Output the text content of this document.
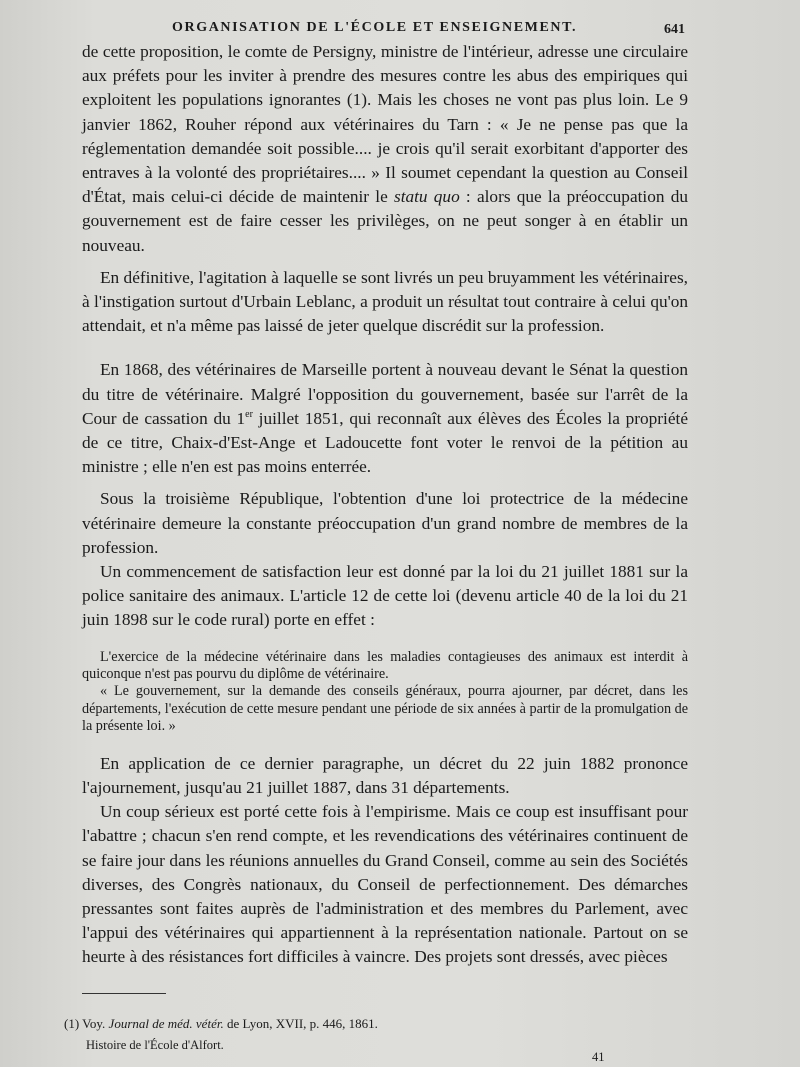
ORGANISATION DE L'ÉCOLE ET ENSEIGNEMENT.	641

de cette proposition, le comte de Persigny, ministre de l'intérieur, adresse une circulaire aux préfets pour les inviter à prendre des mesures contre les abus des empiriques qui exploitent les populations ignorantes (1). Mais les choses ne vont pas plus loin. Le 9 janvier 1862, Rouher répond aux vétérinaires du Tarn : « Je ne pense pas que la réglementation demandée soit possible.... je crois qu'il serait exorbitant d'apporter des entraves à la volonté des propriétaires.... » Il soumet cependant la question au Conseil d'État, mais celui-ci décide de maintenir le statu quo : alors que la préoccupation du gouvernement est de faire cesser les privilèges, on ne peut songer à en établir un nouveau.

En définitive, l'agitation à laquelle se sont livrés un peu bruyamment les vétérinaires, à l'instigation surtout d'Urbain Leblanc, a produit un résultat tout contraire à celui qu'on attendait, et n'a même pas laissé de jeter quelque discrédit sur la profession.

En 1868, des vétérinaires de Marseille portent à nouveau devant le Sénat la question du titre de vétérinaire. Malgré l'opposition du gouvernement, basée sur l'arrêt de la Cour de cassation du 1er juillet 1851, qui reconnaît aux élèves des Écoles la propriété de ce titre, Chaix-d'Est-Ange et Ladoucette font voter le renvoi de la pétition au ministre ; elle n'en est pas moins enterrée.

Sous la troisième République, l'obtention d'une loi protectrice de la médecine vétérinaire demeure la constante préoccupation d'un grand nombre de membres de la profession.

Un commencement de satisfaction leur est donné par la loi du 21 juillet 1881 sur la police sanitaire des animaux. L'article 12 de cette loi (devenu article 40 de la loi du 21 juin 1898 sur le code rural) porte en effet :

L'exercice de la médecine vétérinaire dans les maladies contagieuses des animaux est interdit à quiconque n'est pas pourvu du diplôme de vétérinaire.

« Le gouvernement, sur la demande des conseils généraux, pourra ajourner, par décret, dans les départements, l'exécution de cette mesure pendant une période de six années à partir de la promulgation de la présente loi. »

En application de ce dernier paragraphe, un décret du 22 juin 1882 prononce l'ajournement, jusqu'au 21 juillet 1887, dans 31 départements.

Un coup sérieux est porté cette fois à l'empirisme. Mais ce coup est insuffisant pour l'abattre ; chacun s'en rend compte, et les revendications des vétérinaires continuent de se faire jour dans les réunions annuelles du Grand Conseil, comme au sein des Sociétés diverses, des Congrès nationaux, du Conseil de perfectionnement. Des démarches pressantes sont faites auprès de l'administration et des membres du Parlement, avec l'appui des vétérinaires qui appartiennent à la représentation nationale. Partout on se heurte à des résistances fort difficiles à vaincre. Des projets sont dressés, avec pièces

(1) Voy. Journal de méd. vétér. de Lyon, XVII, p. 446, 1861.
Histoire de l'École d'Alfort.
41
